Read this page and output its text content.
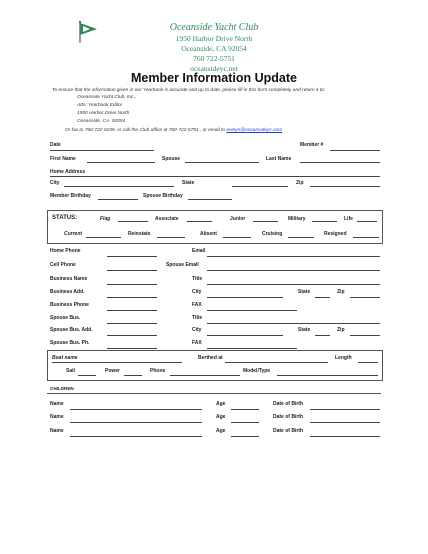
Oceanside Yacht Club
1950 Harbor Drive North
Oceanside, CA 92054
760 722-5751
oceansideyc.net
Member Information Update
To ensure that the information given in our Yearbook is accurate and up to date, please fill in this form completely and return it to:
Oceanside Yacht Club, Inc.,
Attn: Yearbook Editor
1950 Harbor Drive North
Oceanside, CA. 92054
Or fax to 760-722-0239, or call the Club office at 760-722-5751 , or email to evelyn@oceansideyc.com
Date	Member #
First Name	Spouse	Last Name
Home Address
City	State	Zip
Member Birthday	Spouse Birthday
STATUS:	Flag	Associate	Junior	Military	Life
Current	Reinstate	Absent	Cruising	Resigned
Home Phone	Email
Cell Phone	Spouse Email
Business Name	Title
Business Add.	City	State	Zip
Business Phone	FAX
Spouse Bus.	Title
Spouse Bus. Add.	City	State	Zip
Spouse Bus. Ph.	FAX
Boat name	Berthed at	Length
Sail	Power	Phone	Model/Type
CHILDREN
Name	Age	Date of Birth
Name	Age	Date of Birth
Name	Age	Date of Birth
